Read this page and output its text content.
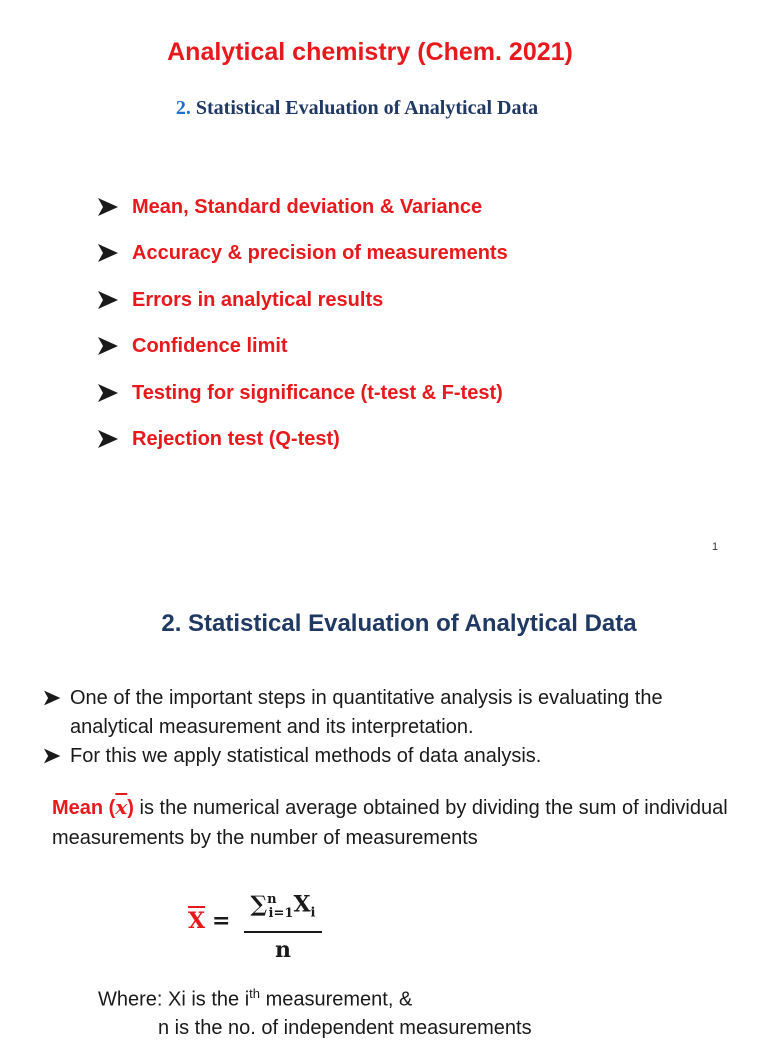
Analytical chemistry (Chem. 2021)
2. Statistical Evaluation of Analytical Data
Mean, Standard deviation & Variance
Accuracy & precision of measurements
Errors in analytical results
Confidence limit
Testing for significance (t-test & F-test)
Rejection test (Q-test)
1
2. Statistical Evaluation of Analytical Data
One of the important steps in quantitative analysis is evaluating the analytical measurement and its interpretation.
For this we apply statistical methods of data analysis.
Mean $(\overline{x})$ is the numerical average obtained by dividing the sum of individual measurements by the number of measurements
$\overline{X}$ =
$\sum^n_{i=1}X_i$
n
Where: Xi is the $i^{th}$ measurement, &
n is the no. of independent measurements
